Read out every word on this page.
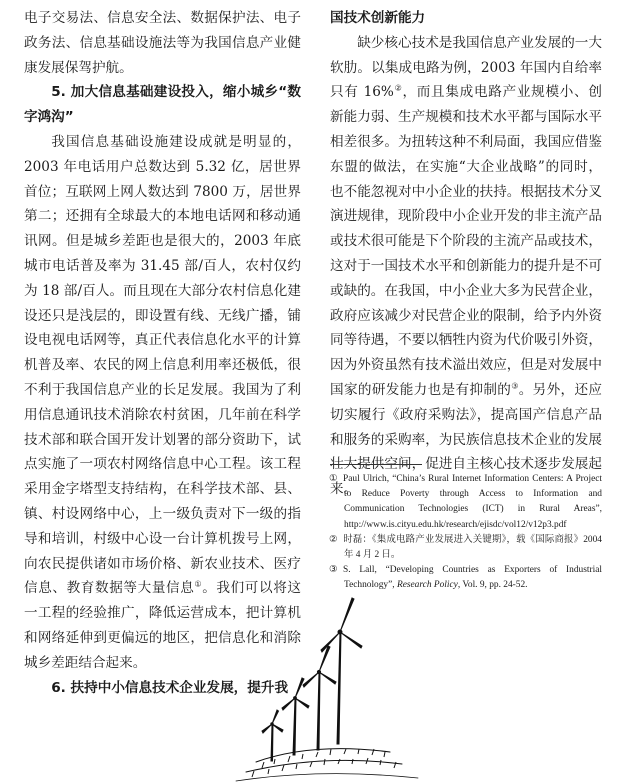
电子交易法、信息安全法、数据保护法、电子政务法、信息基础设施法等为我国信息产业健康发展保驾护航。

5. 加大信息基础建设投入，缩小城乡“数字鸿沟”

我国信息基础设施建设成就是明显的，2003 年电话用户总数达到 5.32 亿，居世界首位；互联网上网人数达到 7800 万，居世界第二；还拥有全球最大的本地电话网和移动通讯网。但是城乡差距也是很大的，2003 年底城市电话普及率为 31.45 部/百人，农村仅约为 18 部/百人。而且现在大部分农村信息化建设还只是浅层的，即设置有线、无线广播，铺设电视电话网等，真正代表信息化水平的计算机普及率、农民的网上信息利用率还极低，很不利于我国信息产业的长足发展。我国为了利用信息通讯技术消除农村贫困，几年前在科学技术部和联合国开发计划署的部分资助下，试点实施了一项农村网络信息中心工程。该工程采用金字塔型支持结构，在科学技术部、县、镇、村设网络中心，上一级负责对下一级的指导和培训，村级中心设一台计算机拨号上网，向农民提供诸如市场价格、新农业技术、医疗信息、教育数据等大量信息①。我们可以将这一工程的经验推广，降低运营成本，把计算机和网络延伸到更偏远的地区，把信息化和消除城乡差距结合起来。

6. 扶持中小信息技术企业发展，提升我
国技术创新能力

缺少核心技术是我国信息产业发展的一大软肋。以集成电路为例，2003 年国内自给率只有 16%②，而且集成电路产业规模小、创新能力弱、生产规模和技术水平都与国际水平相差很多。为扭转这种不利局面，我国应借鉴东盟的做法，在实施“大企业战略”的同时，也不能忽视对中小企业的扶持。根据技术分叉演进规律，现阶段中小企业开发的非主流产品或技术很可能是下个阶段的主流产品或技术，这对于一国技术水平和创新能力的提升是不可或缺的。在我国，中小企业大多为民营企业，政府应该减少对民营企业的限制，给予内外资同等待遇，不要以牺牲内资为代价吸引外资，因为外资虽然有技术溢出效应，但是对发展中国家的研发能力也是有抑制的③。另外，还应切实履行《政府采购法》，提高国产信息产品和服务的采购率，为民族信息技术企业的发展壮大提供空间，促进自主核心技术逐步发展起来。

① Paul Ulrich, “China’s Rural Internet Information Centers: A Project to Reduce Poverty through Access to Information and Communication Technologies (ICT) in Rural Areas”, http://www.is.cityu.edu.hk/research/ejisdc/vol12/v12p3.pdf

② 时磊：《集成电路产业发展进入关键期》，载《国际商报》2004 年 4 月 2 日。

③ S. Lall, “Developing Countries as Exporters of Industrial Technology”, Research Policy, Vol. 9, pp. 24-52.
